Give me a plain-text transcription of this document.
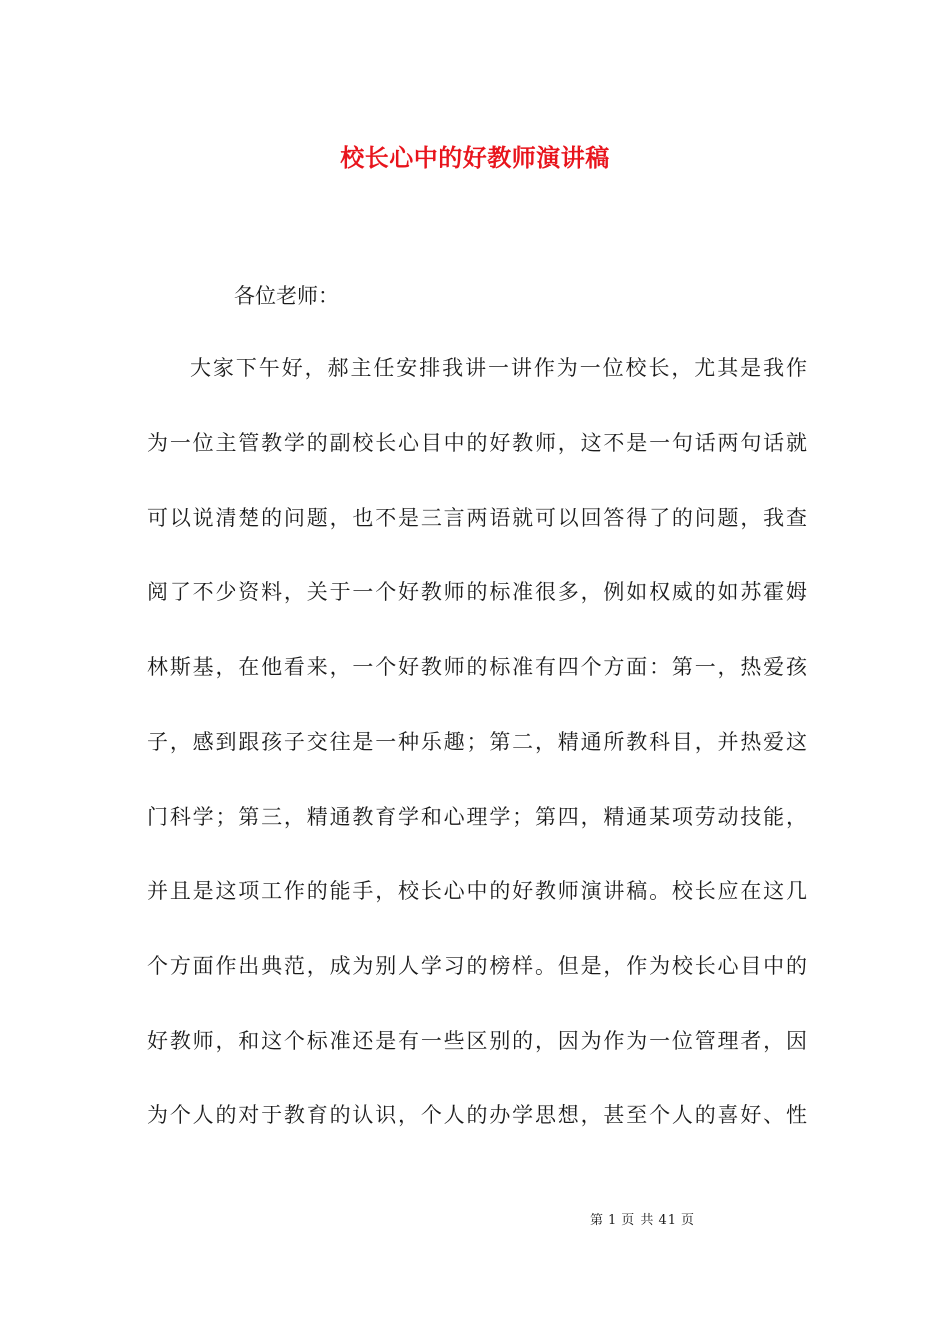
校长心中的好教师演讲稿
各位老师：
大家下午好，郝主任安排我讲一讲作为一位校长，尤其是我作
为一位主管教学的副校长心目中的好教师，这不是一句话两句话就
可以说清楚的问题，也不是三言两语就可以回答得了的问题，我查
阅了不少资料，关于一个好教师的标准很多，例如权威的如苏霍姆
林斯基，在他看来，一个好教师的标准有四个方面：第一，热爱孩
子，感到跟孩子交往是一种乐趣；第二，精通所教科目，并热爱这
门科学；第三，精通教育学和心理学；第四，精通某项劳动技能，
并且是这项工作的能手，校长心中的好教师演讲稿。校长应在这几
个方面作出典范，成为别人学习的榜样。但是，作为校长心目中的
好教师，和这个标准还是有一些区别的，因为作为一位管理者，因
为个人的对于教育的认识，个人的办学思想，甚至个人的喜好、性
第 1 页 共 41 页
